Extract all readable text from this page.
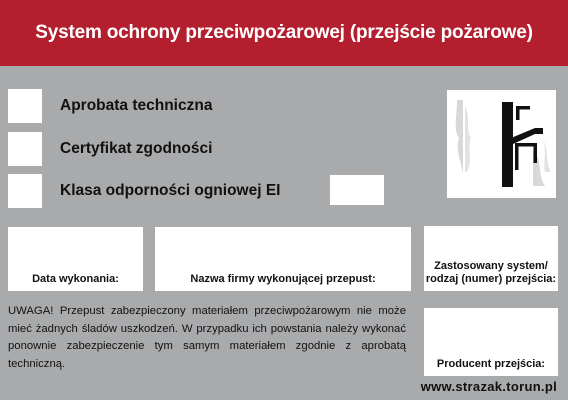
System ochrony przeciwpożarowej (przejście pożarowe)
Aprobata techniczna
Certyfikat zgodności
Klasa odporności ogniowej EI
Data wykonania:	Nazwa firmy wykonującej przepust:
Zastosowany system/
rodzaj (numer) przejścia:
Producent przejścia:
UWAGA! Przepust zabezpieczony materiałem przeciwpożarowym nie może mieć żadnych śladów uszkodzeń. W przypadku ich powstania należy wykonać ponownie zabezpieczenie tym samym materiałem zgodnie z aprobatą techniczną.
www.strazak.torun.pl
